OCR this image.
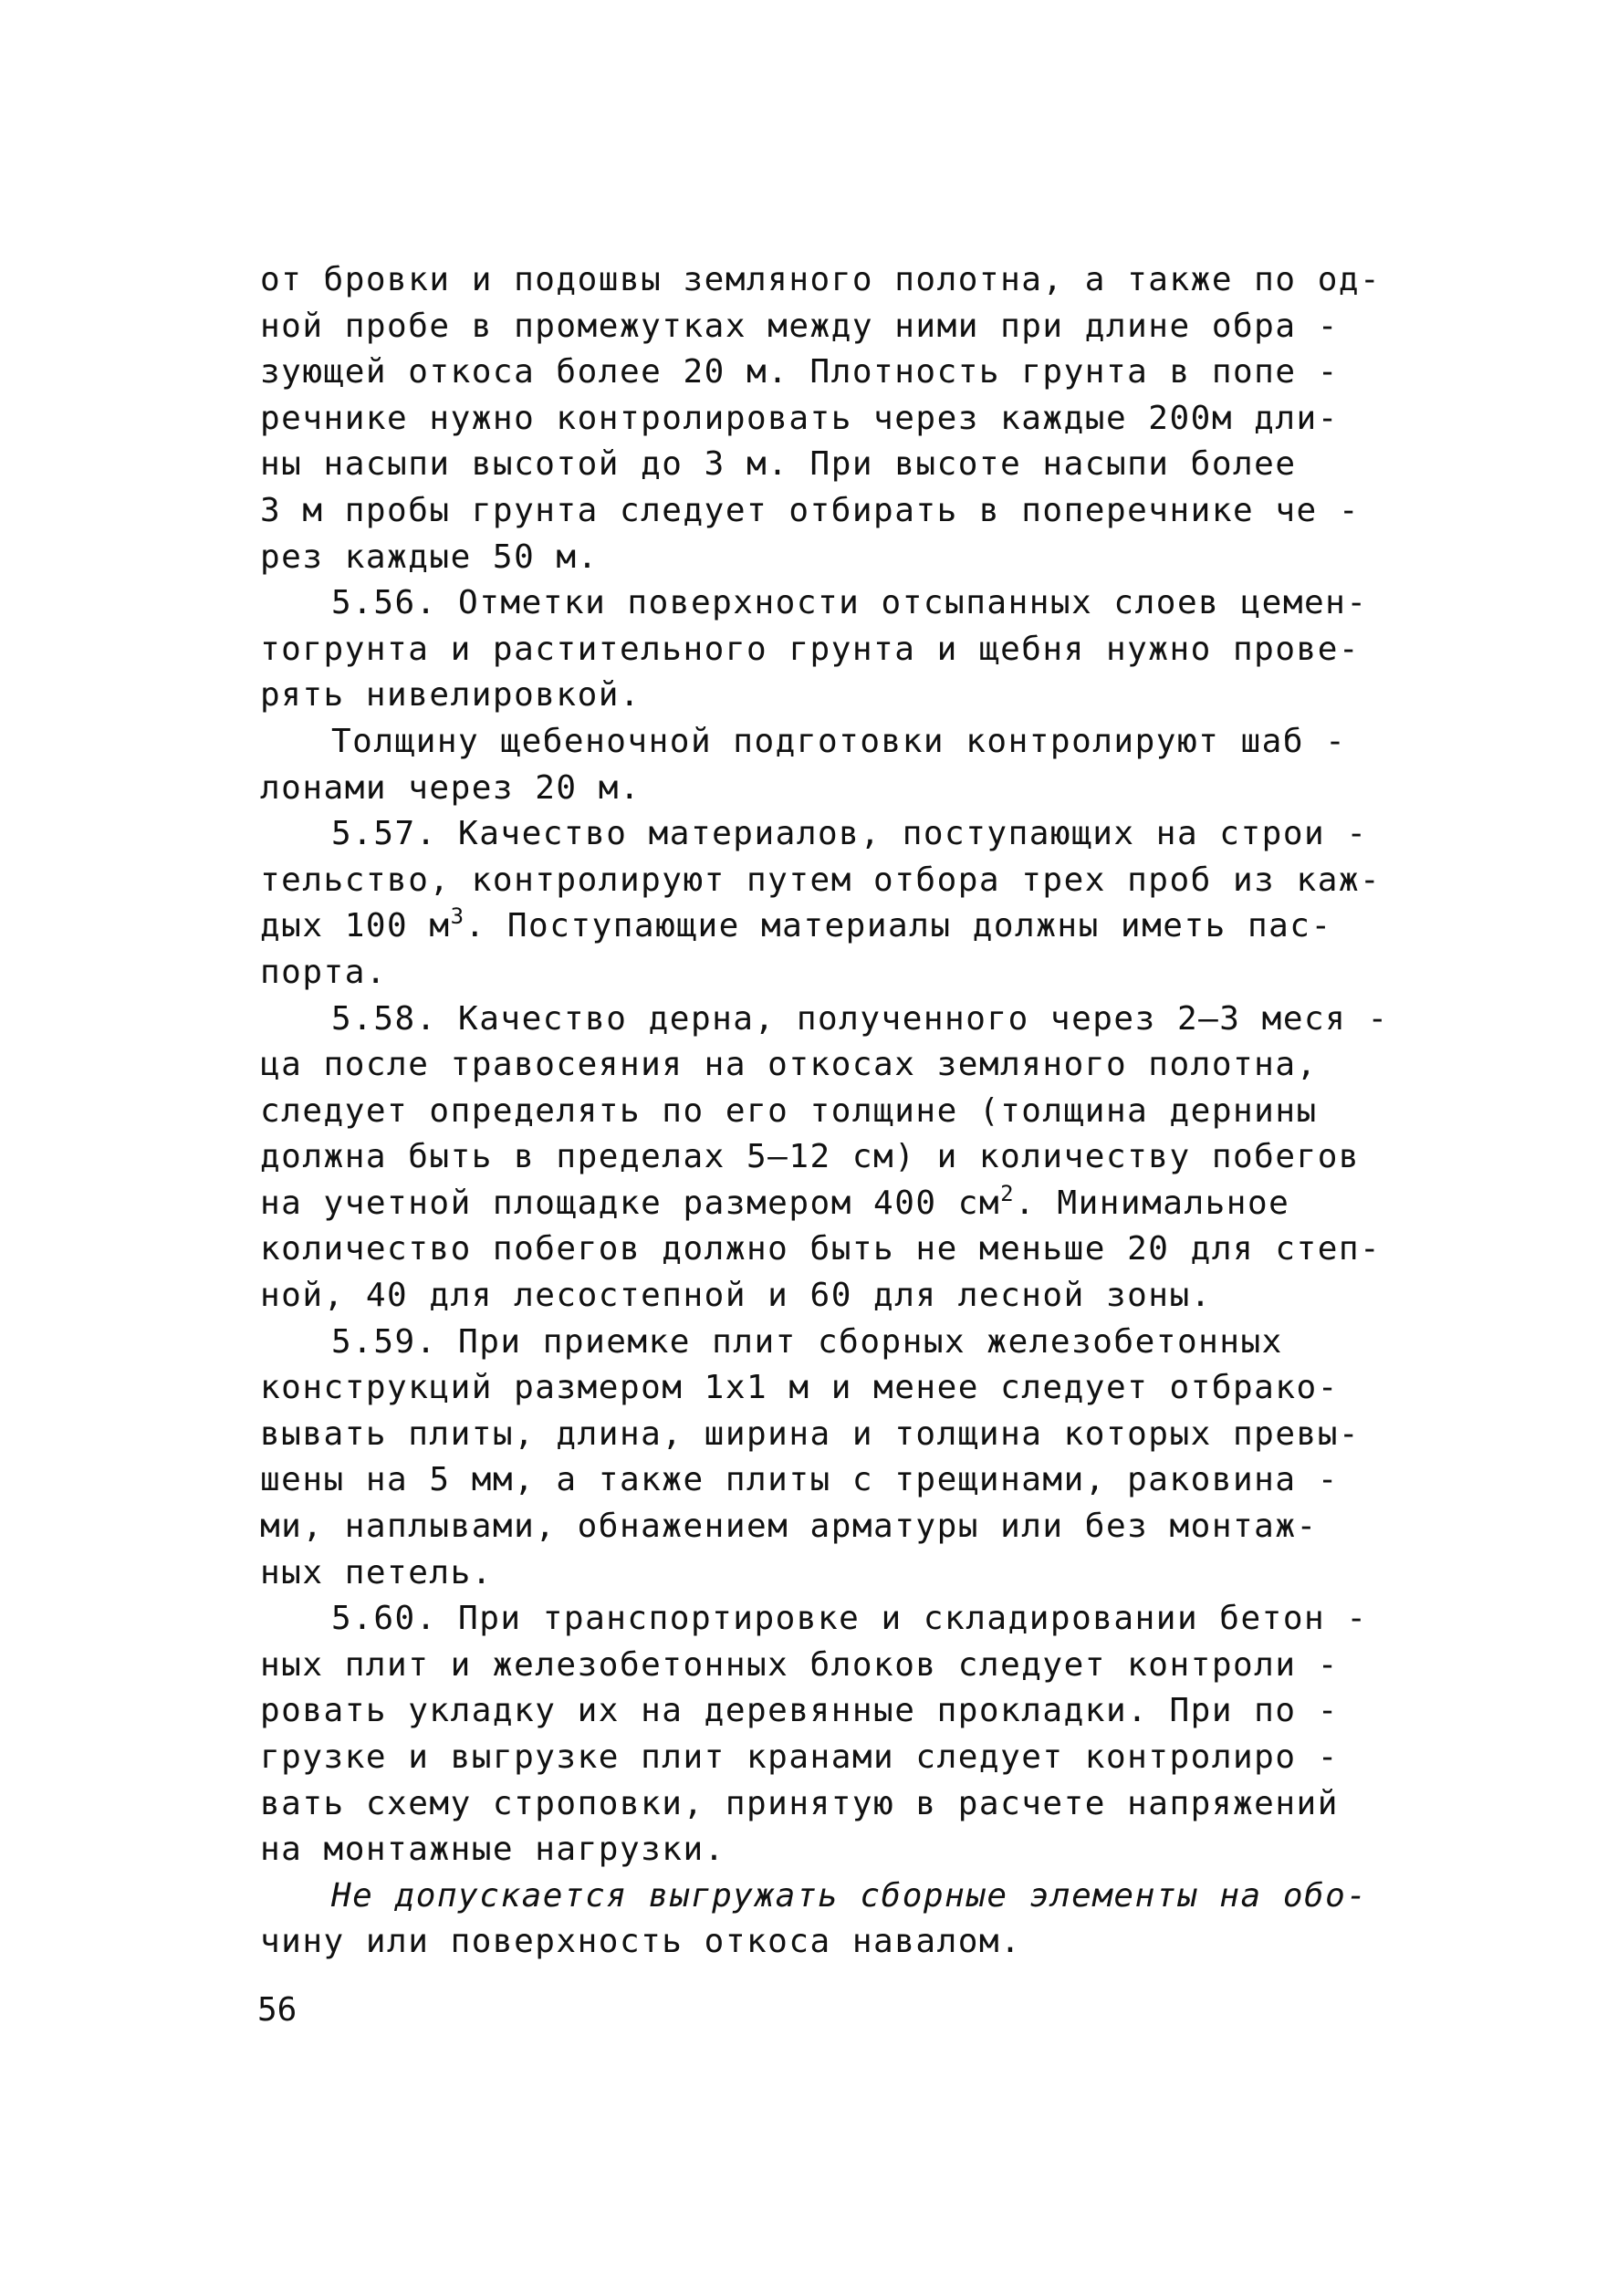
от бровки и подошвы земляного полотна, а также по од-
ной пробе в промежутках между ними при длине обра -
зующей откоса более 20 м. Плотность грунта в попе -
речнике нужно контролировать через каждые 200м дли-
ны насыпи высотой до 3 м. При высоте насыпи более
3 м пробы грунта следует отбирать в поперечнике че -
рез каждые 50 м.
5.56. Отметки поверхности отсыпанных слоев цемен-
тогрунта и растительного грунта и щебня нужно прове-
рять нивелировкой.
Толщину щебеночной подготовки контролируют шаб -
лонами через 20 м.
5.57. Качество материалов, поступающих на строи -
тельство, контролируют путем отбора трех проб из каж-
дых 100 $м^3$. Поступающие материалы должны иметь пас-
порта.
5.58. Качество дерна, полученного через 2–3 меся -
ца после травосеяния на откосах земляного полотна,
следует определять по его толщине (толщина дернины
должна быть в пределах 5–12 см) и количеству побегов
на учетной площадке размером 400 $см^2$. Минимальное
количество побегов должно быть не меньше 20 для степ-
ной, 40 для лесостепной и 60 для лесной зоны.
5.59. При приемке плит сборных железобетонных
конструкций размером 1х1 м и менее следует отбрако-
вывать плиты, длина, ширина и толщина которых превы-
шены на 5 мм, а также плиты с трещинами, раковина -
ми, наплывами, обнажением арматуры или без монтаж-
ных петель.
5.60. При транспортировке и складировании бетон -
ных плит и железобетонных блоков следует контроли -
ровать укладку их на деревянные прокладки. При по -
грузке и выгрузке плит кранами следует контролиро -
вать схему строповки, принятую в расчете напряжений
на монтажные нагрузки.
Не допускается выгружать сборные элементы на обо-
чину или поверхность откоса навалом.
56
